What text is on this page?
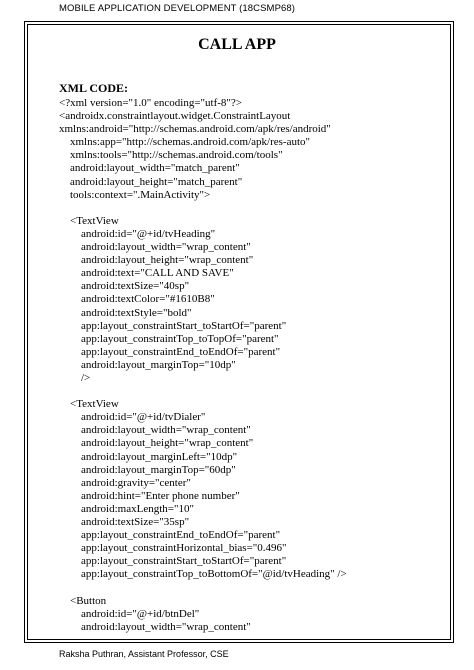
MOBILE APPLICATION DEVELOPMENT (18CSMP68)
CALL APP
XML CODE:
<?xml version="1.0" encoding="utf-8"?>
<androidx.constraintlayout.widget.ConstraintLayout
xmlns:android="http://schemas.android.com/apk/res/android"
xmlns:app="http://schemas.android.com/apk/res-auto"
xmlns:tools="http://schemas.android.com/tools"
android:layout_width="match_parent"
android:layout_height="match_parent"
tools:context=".MainActivity">

<TextView
android:id="@+id/tvHeading"
android:layout_width="wrap_content"
android:layout_height="wrap_content"
android:text="CALL AND SAVE"
android:textSize="40sp"
android:textColor="#1610B8"
android:textStyle="bold"
app:layout_constraintStart_toStartOf="parent"
app:layout_constraintTop_toTopOf="parent"
app:layout_constraintEnd_toEndOf="parent"
android:layout_marginTop="10dp"
/>

<TextView
android:id="@+id/tvDialer"
android:layout_width="wrap_content"
android:layout_height="wrap_content"
android:layout_marginLeft="10dp"
android:layout_marginTop="60dp"
android:gravity="center"
android:hint="Enter phone number"
android:maxLength="10"
android:textSize="35sp"
app:layout_constraintEnd_toEndOf="parent"
app:layout_constraintHorizontal_bias="0.496"
app:layout_constraintStart_toStartOf="parent"
app:layout_constraintTop_toBottomOf="@id/tvHeading" />

<Button
android:id="@+id/btnDel"
android:layout_width="wrap_content"
Raksha Puthran, Assistant Professor, CSE
